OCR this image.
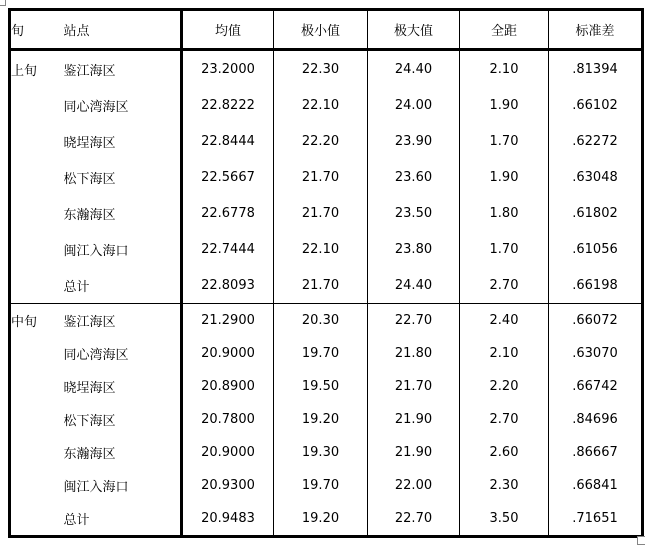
旬	站点	均值	极小值	极大值	全距	标准差
上旬	鉴江海区	23.2000	22.30	24.40	2.10	.81394
	同心湾海区	22.8222	22.10	24.00	1.90	.66102
	晓埕海区	22.8444	22.20	23.90	1.70	.62272
	松下海区	22.5667	21.70	23.60	1.90	.63048
	东瀚海区	22.6778	21.70	23.50	1.80	.61802
	闽江入海口	22.7444	22.10	23.80	1.70	.61056
	总计	22.8093	21.70	24.40	2.70	.66198
中旬	鉴江海区	21.2900	20.30	22.70	2.40	.66072
	同心湾海区	20.9000	19.70	21.80	2.10	.63070
	晓埕海区	20.8900	19.50	21.70	2.20	.66742
	松下海区	20.7800	19.20	21.90	2.70	.84696
	东瀚海区	20.9000	19.30	21.90	2.60	.86667
	闽江入海口	20.9300	19.70	22.00	2.30	.66841
	总计	20.9483	19.20	22.70	3.50	.71651
